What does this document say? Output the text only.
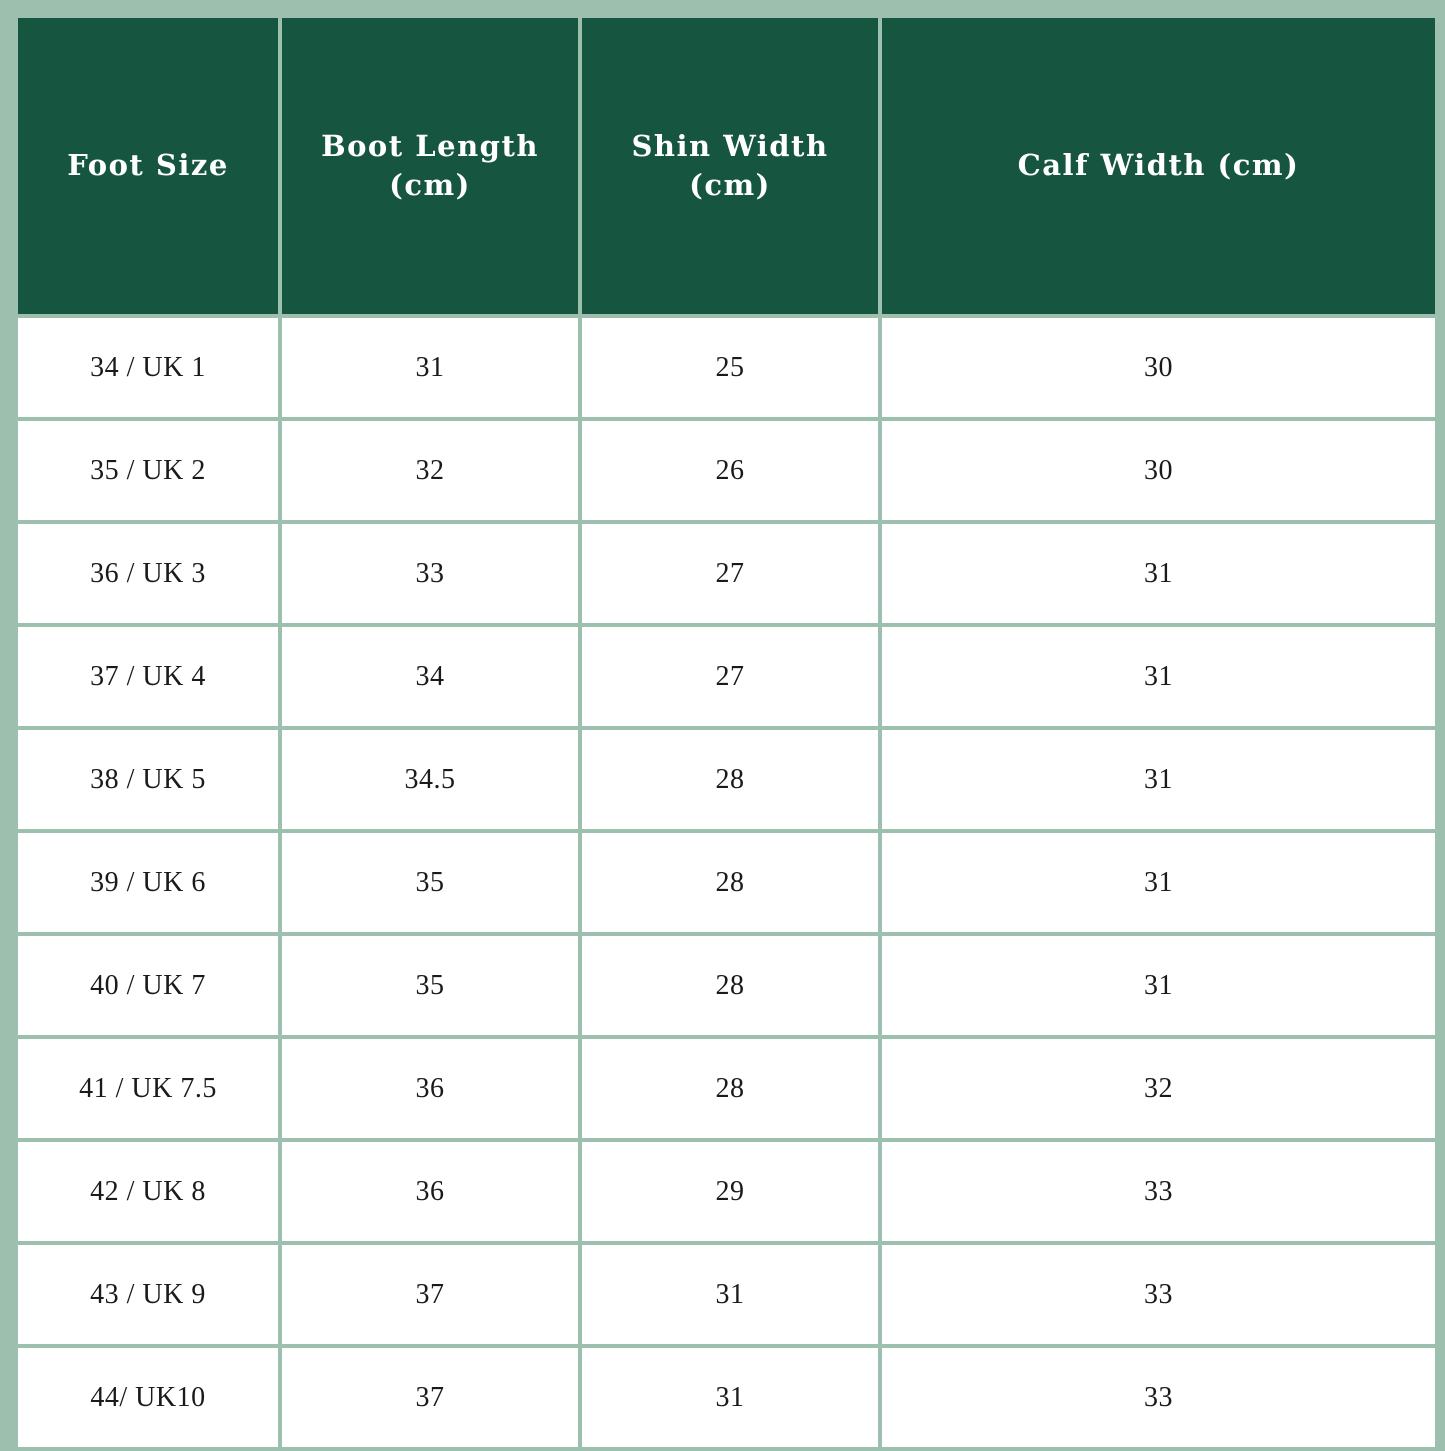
Foot Size	Boot Length (cm)	Shin Width (cm)	Calf Width (cm)
34 / UK 1	31	25	30
35 / UK 2	32	26	30
36 / UK 3	33	27	31
37 / UK 4	34	27	31
38 / UK 5	34.5	28	31
39 / UK 6	35	28	31
40 / UK 7	35	28	31
41 / UK 7.5	36	28	32
42 / UK 8	36	29	33
43 / UK 9	37	31	33
44/ UK10	37	31	33
